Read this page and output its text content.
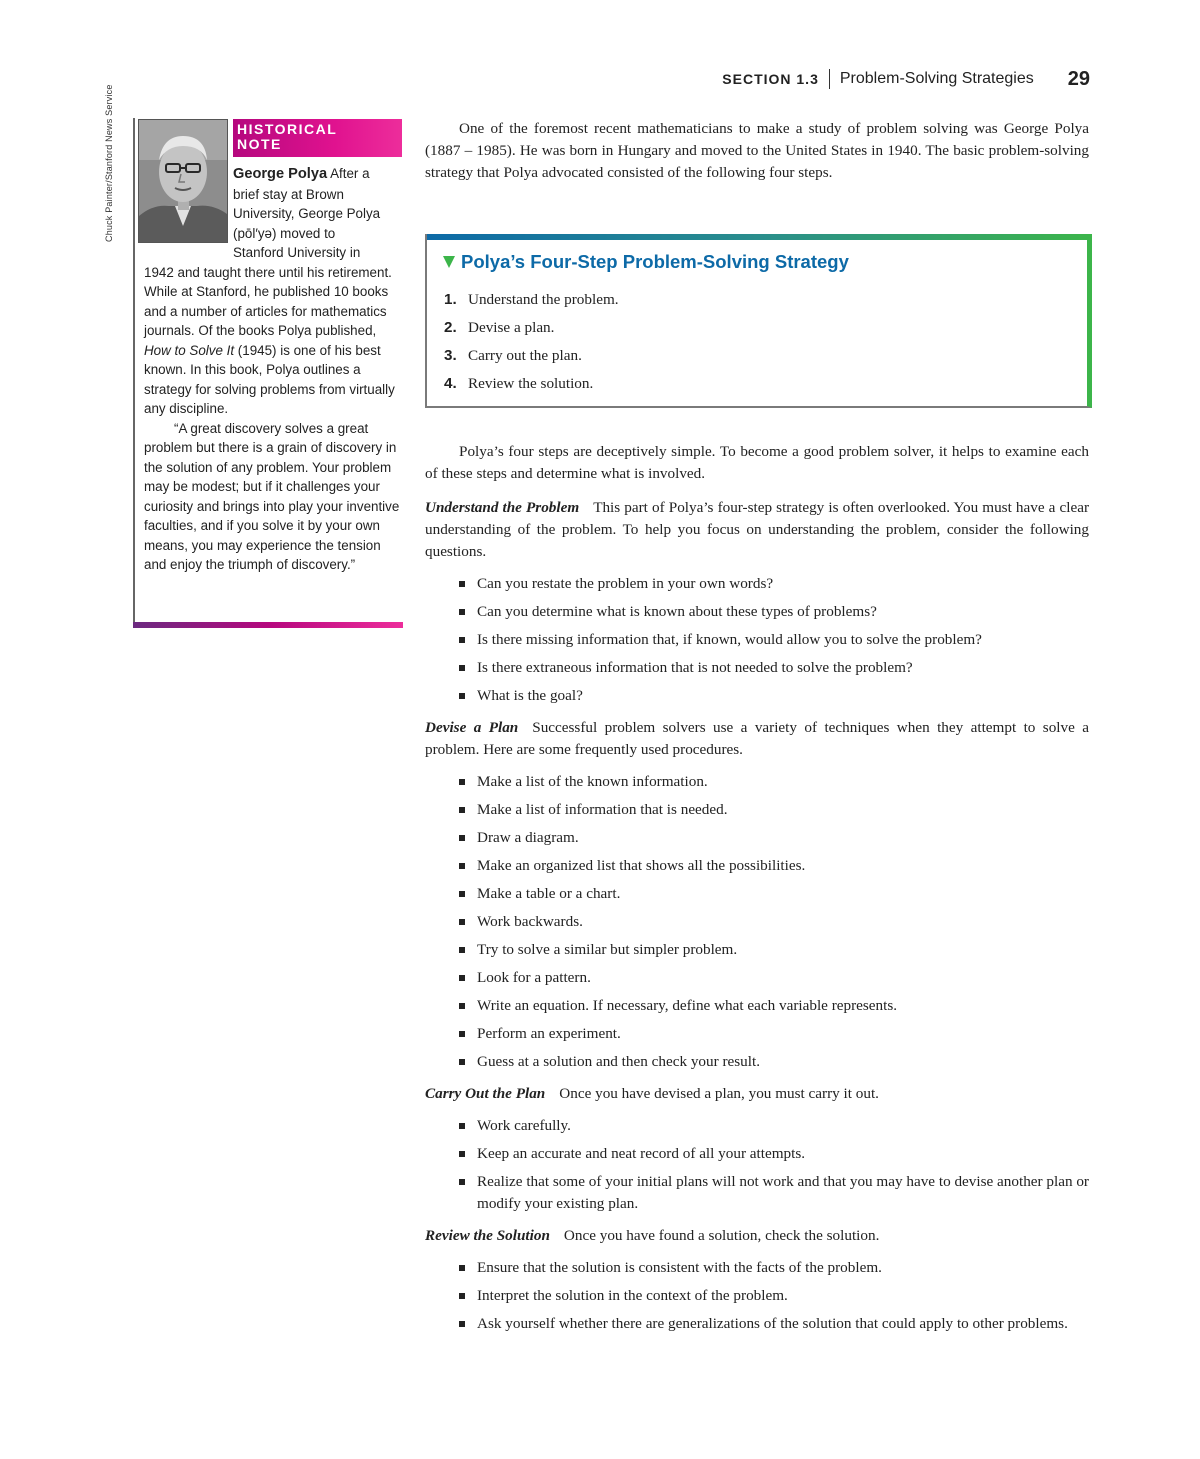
SECTION 1.3 Problem-Solving Strategies 29
Chuck Painter/Stanford News Service	HISTORICAL
NOTE
George Polya After a
brief stay at Brown
University, George Polya
(pōl′yə) moved to
Stanford University in

1942 and taught there until his retirement. While at Stanford, he published 10 books and a number of articles for mathematics journals. Of the books Polya published, How to Solve It (1945) is one of his best known. In this book, Polya outlines a strategy for solving problems from virtually any discipline.

“A great discovery solves a great problem but there is a grain of discovery in the solution of any problem. Your problem may be modest; but if it challenges your curiosity and brings into play your inventive faculties, and if you solve it by your own means, you may experience the tension and enjoy the triumph of discovery.”

One of the foremost recent mathematicians to make a study of problem solving was George Polya (1887 – 1985). He was born in Hungary and moved to the United States in 1940. The basic problem-solving strategy that Polya advocated consisted of the following four steps.

Polya’s Four-Step Problem-Solving Strategy
1. Understand the problem.
2. Devise a plan.
3. Carry out the plan.
4. Review the solution.

Polya’s four steps are deceptively simple. To become a good problem solver, it helps to examine each of these steps and determine what is involved.

Understand the Problem This part of Polya’s four-step strategy is often overlooked. You must have a clear understanding of the problem. To help you focus on understanding the problem, consider the following questions.

Can you restate the problem in your own words?
Can you determine what is known about these types of problems?
Is there missing information that, if known, would allow you to solve the problem?
Is there extraneous information that is not needed to solve the problem?
What is the goal?

Devise a Plan Successful problem solvers use a variety of techniques when they attempt to solve a problem. Here are some frequently used procedures.

Make a list of the known information.
Make a list of information that is needed.
Draw a diagram.
Make an organized list that shows all the possibilities.
Make a table or a chart.
Work backwards.
Try to solve a similar but simpler problem.
Look for a pattern.
Write an equation. If necessary, define what each variable represents.
Perform an experiment.
Guess at a solution and then check your result.

Carry Out the Plan Once you have devised a plan, you must carry it out.

Work carefully.
Keep an accurate and neat record of all your attempts.
Realize that some of your initial plans will not work and that you may have to devise another plan or modify your existing plan.

Review the Solution Once you have found a solution, check the solution.

Ensure that the solution is consistent with the facts of the problem.
Interpret the solution in the context of the problem.
Ask yourself whether there are generalizations of the solution that could apply to other problems.
